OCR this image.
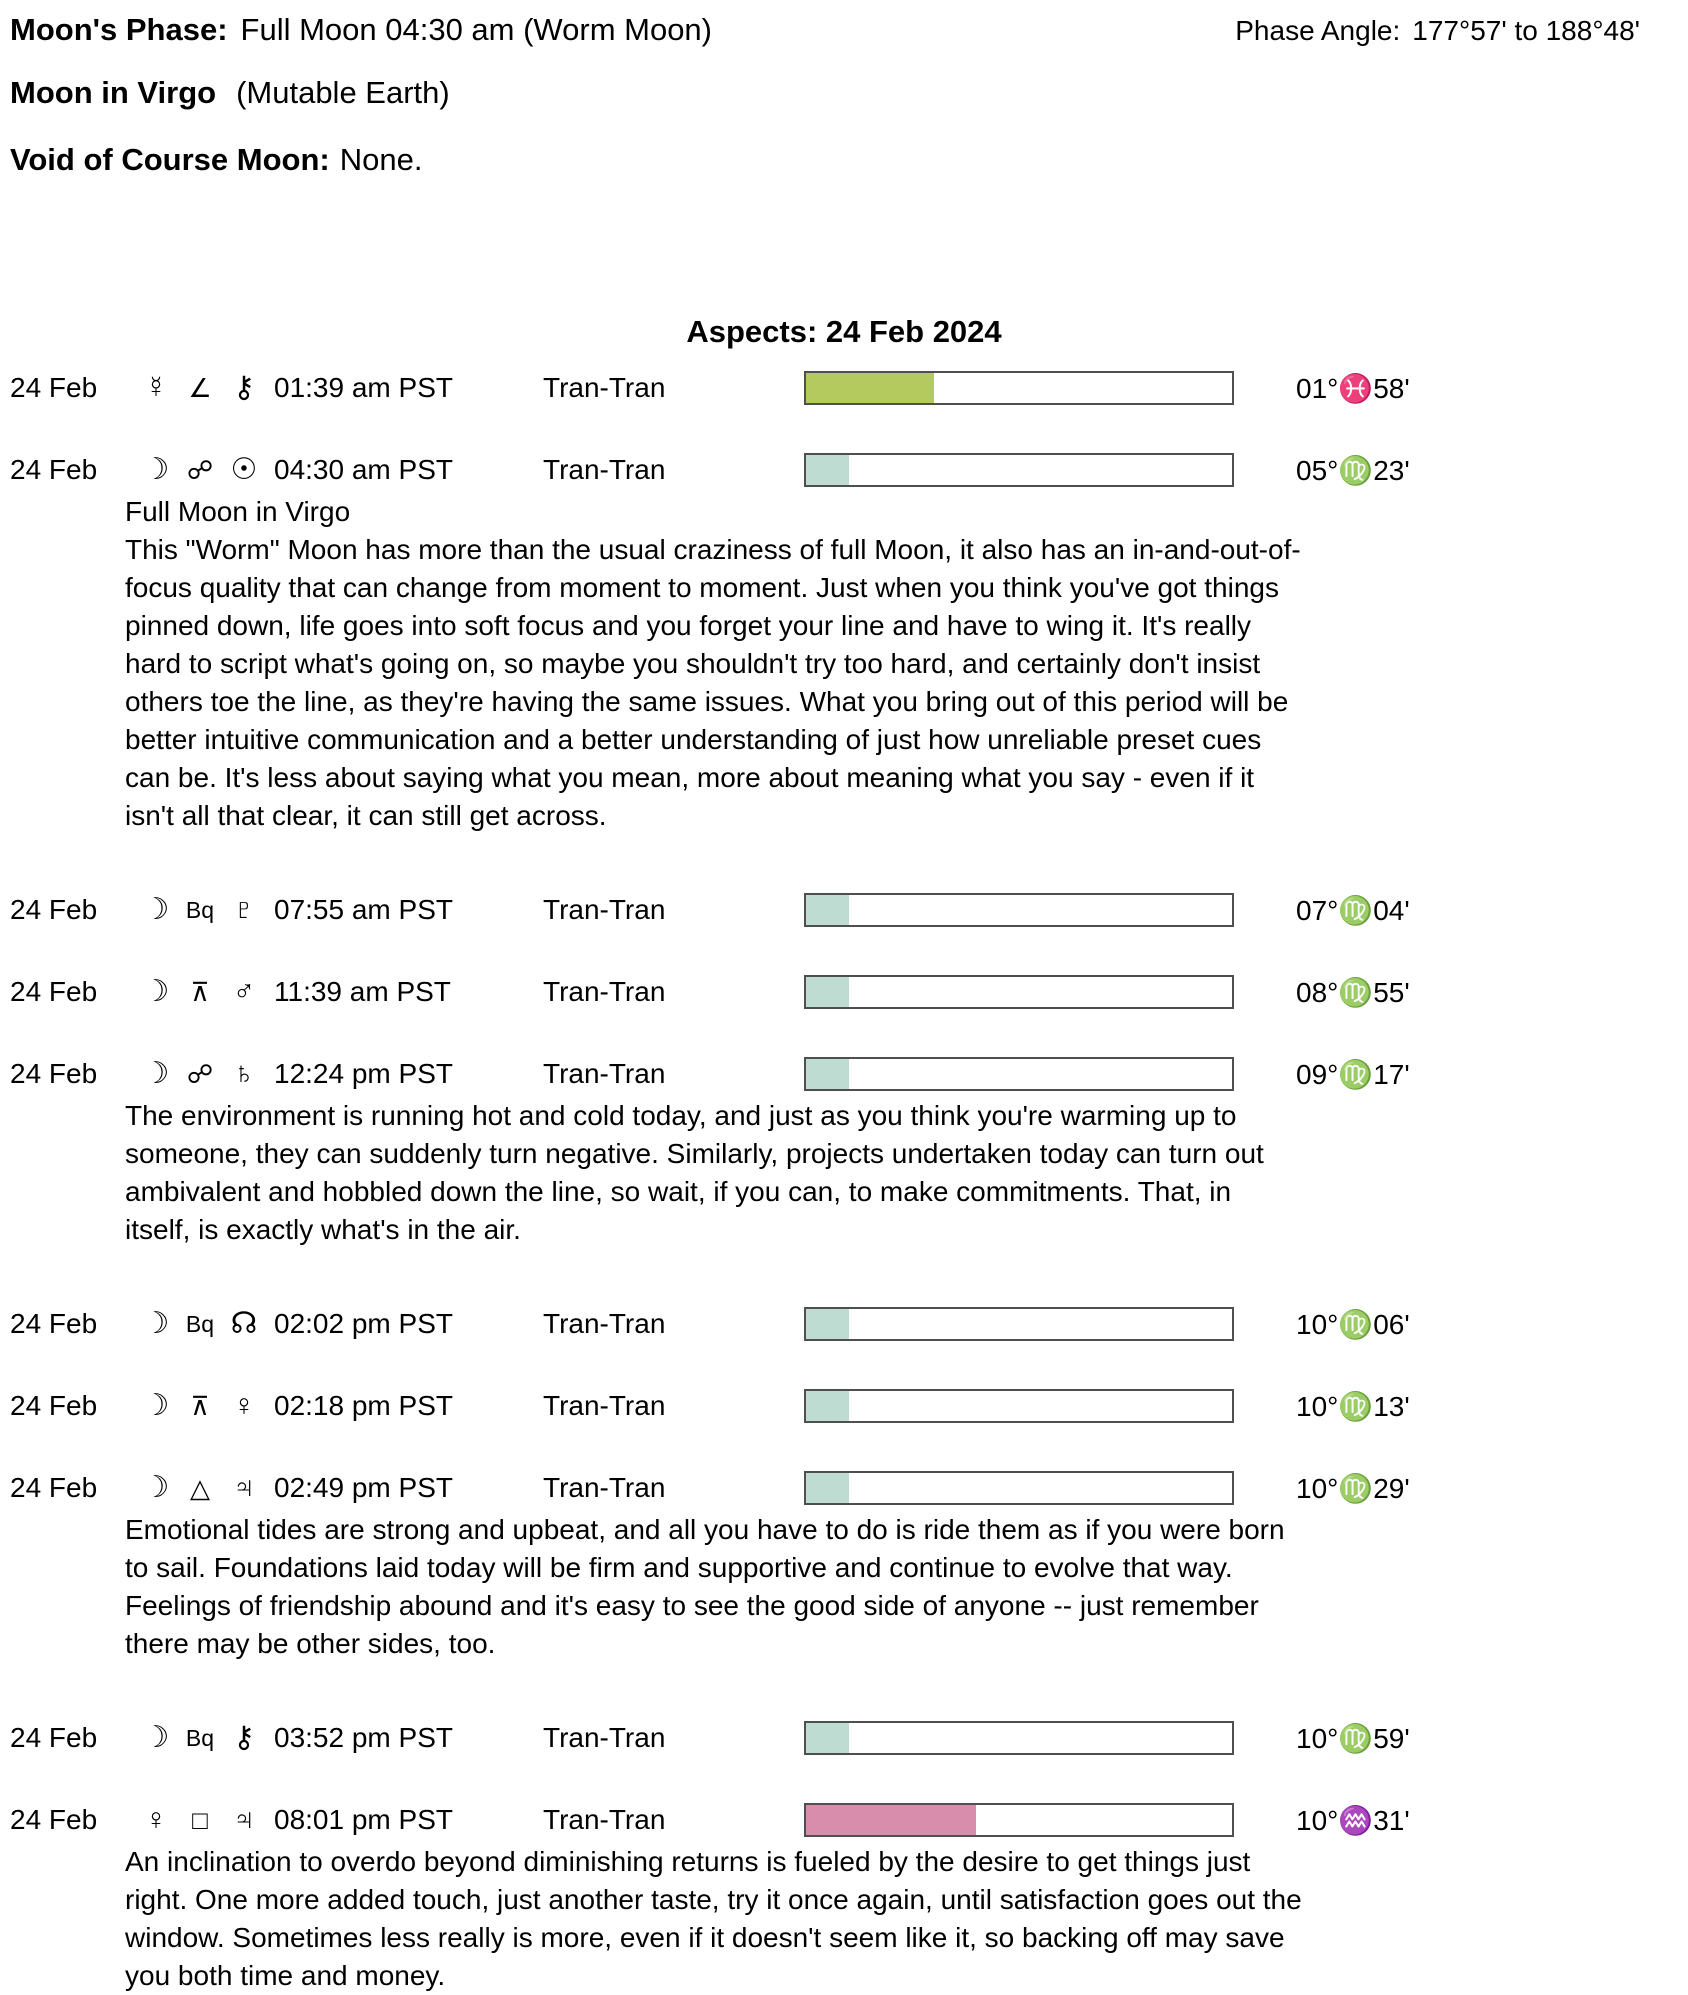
Moon's Phase: Full Moon 04:30 am (Worm Moon)	Phase Angle: 177°57' to 188°48'
Moon in Virgo (Mutable Earth)
Void of Course Moon: None.
Aspects: 24 Feb 2024
24 Feb	☿ ∠ ⚷ 01:39 am PST	Tran-Tran	01°♓58'
24 Feb	☽ ☍ ☉ 04:30 am PST	Tran-Tran	05°♍23'
Full Moon in Virgo
This "Worm" Moon has more than the usual craziness of full Moon, it also has an in-and-out-of-focus quality that can change from moment to moment. Just when you think you've got things pinned down, life goes into soft focus and you forget your line and have to wing it. It's really hard to script what's going on, so maybe you shouldn't try too hard, and certainly don't insist others toe the line, as they're having the same issues. What you bring out of this period will be better intuitive communication and a better understanding of just how unreliable preset cues can be. It's less about saying what you mean, more about meaning what you say - even if it isn't all that clear, it can still get across.
24 Feb	☽ Bq ♇ 07:55 am PST	Tran-Tran	07°♍04'
24 Feb	☽ ⊼ ♂ 11:39 am PST	Tran-Tran	08°♍55'
24 Feb	☽ ☍ ♄ 12:24 pm PST	Tran-Tran	09°♍17'
The environment is running hot and cold today, and just as you think you're warming up to someone, they can suddenly turn negative. Similarly, projects undertaken today can turn out ambivalent and hobbled down the line, so wait, if you can, to make commitments. That, in itself, is exactly what's in the air.
24 Feb	☽ Bq ☊ 02:02 pm PST	Tran-Tran	10°♍06'
24 Feb	☽ ⊼ ♀ 02:18 pm PST	Tran-Tran	10°♍13'
24 Feb	☽ △ ♃ 02:49 pm PST	Tran-Tran	10°♍29'
Emotional tides are strong and upbeat, and all you have to do is ride them as if you were born to sail. Foundations laid today will be firm and supportive and continue to evolve that way. Feelings of friendship abound and it's easy to see the good side of anyone -- just remember there may be other sides, too.
24 Feb	☽ Bq ⚷ 03:52 pm PST	Tran-Tran	10°♍59'
24 Feb	♀ □ ♃ 08:01 pm PST	Tran-Tran	10°♒31'
An inclination to overdo beyond diminishing returns is fueled by the desire to get things just right. One more added touch, just another taste, try it once again, until satisfaction goes out the window. Sometimes less really is more, even if it doesn't seem like it, so backing off may save you both time and money.
